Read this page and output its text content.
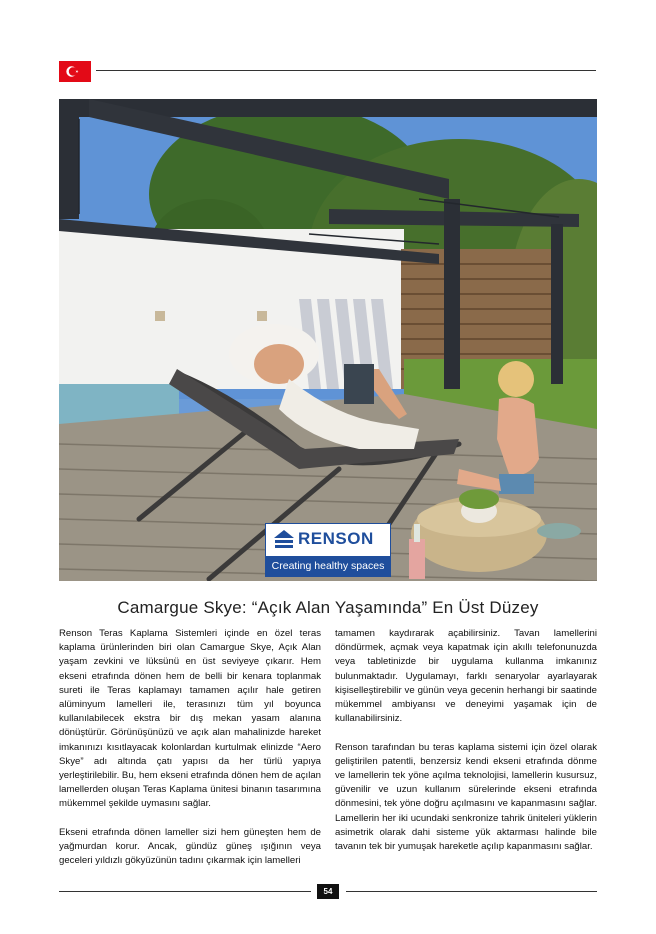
RENSON
Creating healthy spaces
Camargue Skye: “Açık Alan Yaşamında” En Üst Düzey

Renson Teras Kaplama Sistemleri içinde en özel teras kaplama ürünlerinden biri olan Camargue Skye, Açık Alan yaşam zevkini ve lüksünü en üst seviyeye çıkarır. Hem ekseni etrafında dönen hem de belli bir kenara toplanmak sureti ile Teras kaplamayı tamamen açılır hale getiren alüminyum lamelleri ile, terasınızı tüm yıl boyunca kullanılabilecek ekstra bir dış mekan yasam alanına dönüştürür. Görünüşünüzü ve açık alan mahalinizde hareket imkanınızı kısıtlayacak kolonlardan kurtulmak elinizde “Aero Skye” adı altında çatı yapısı da her türlü yapıya yerleştirilebilir. Bu, hem ekseni etrafında dönen hem de açılan lamellerden oluşan Teras Kaplama ünitesi binanın tasarımına mükemmel şekilde uymasını sağlar.

Ekseni etrafında dönen lameller sizi hem güneşten hem de yağmurdan korur. Ancak, gündüz güneş ışığının veya geceleri yıldızlı gökyüzünün tadını çıkarmak için lamelleri

tamamen kaydırarak açabilirsiniz. Tavan lamellerini döndürmek, açmak veya kapatmak için akıllı telefonunuzda veya tabletinizde bir uygulama kullanma imkanınız bulunmaktadır. Uygulamayı, farklı senaryolar ayarlayarak kişiselleştirebilir ve günün veya gecenin herhangi bir saatinde mükemmel ambiyansı ve deneyimi yaşamak için de kullanabilirsiniz.

Renson tarafından bu teras kaplama sistemi için özel olarak geliştirilen patentli, benzersiz kendi ekseni etrafında dönme ve lamellerin tek yöne açılma teknolojisi, lamellerin kusursuz, güvenilir ve uzun kullanım sürelerinde ekseni etrafında dönmesini, tek yöne doğru açılmasını ve kapanmasını sağlar. Lamellerin her iki ucundaki senkronize tahrik üniteleri yüklerin asimetrik olarak dahi sisteme yük aktarması halinde bile tavanın tek bir yumuşak hareketle açılıp kapanmasını sağlar.

54
